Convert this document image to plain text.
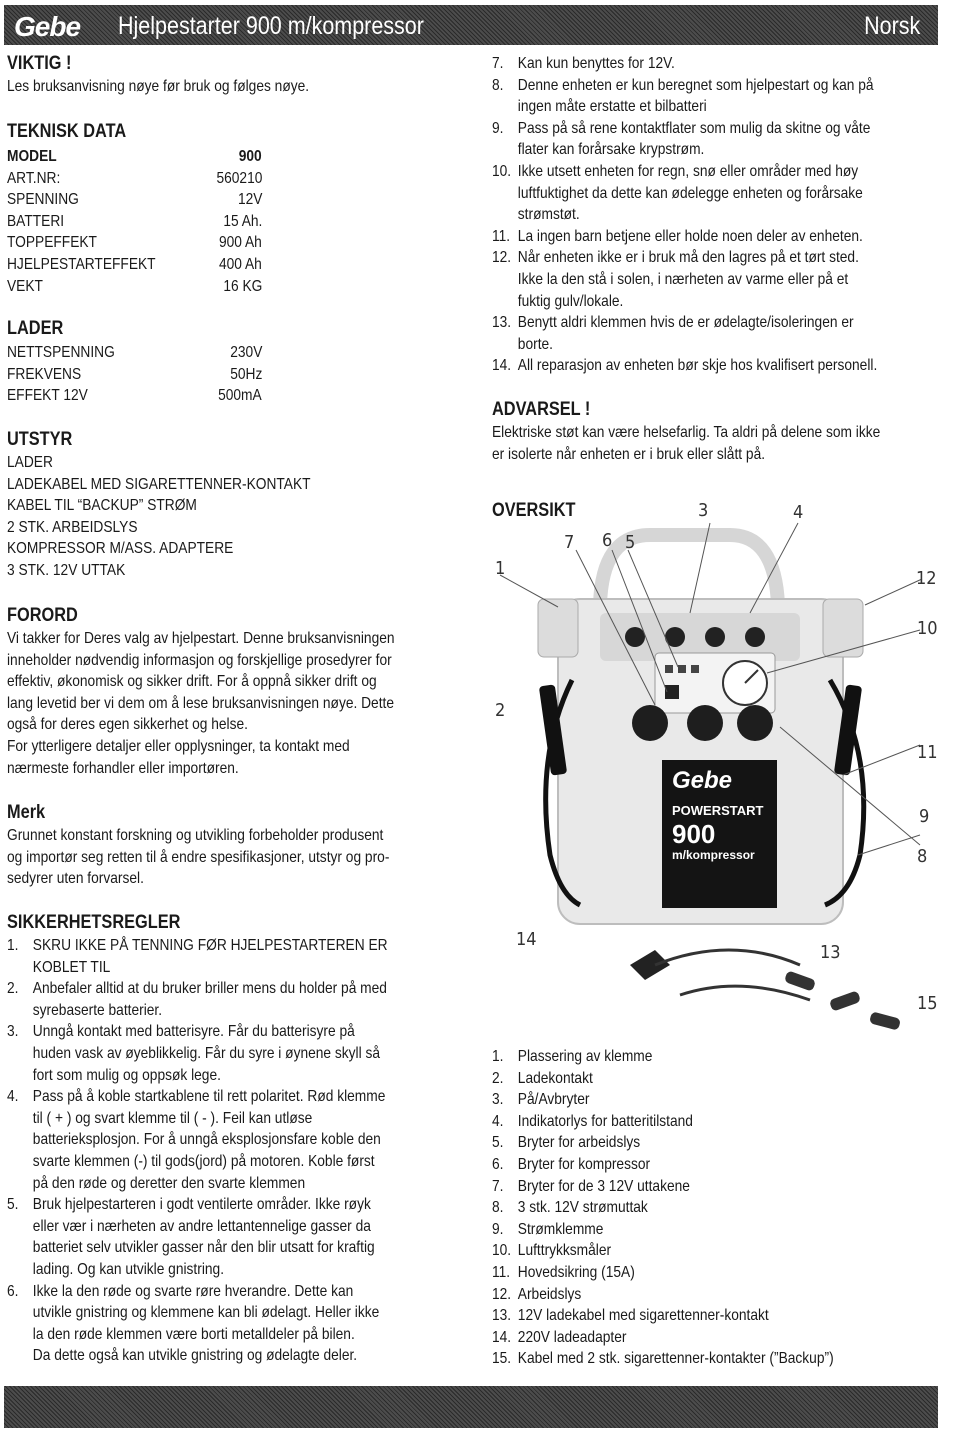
Gebe Hjelpestarter 900 m/kompressor	Norsk
VIKTIG !
Les bruksanvisning nøye før bruk og følges nøye.
TEKNISK DATA
MODEL	900
ART.NR:	560210
SPENNING	12V
BATTERI	15 Ah.
TOPPEFFEKT	900 Ah
HJELPESTARTEFFEKT	400 Ah
VEKT	16 KG
LADER
NETTSPENNING	230V
FREKVENS	50Hz
EFFEKT 12V	500mA
UTSTYR
LADER
LADEKABEL MED SIGARETTENNER-KONTAKT
KABEL TIL “BACKUP” STRØM
2 STK. ARBEIDSLYS
KOMPRESSOR M/ASS. ADAPTERE
3 STK. 12V UTTAK
FORORD
Vi takker for Deres valg av hjelpestart. Denne bruksanvisningen
inneholder nødvendig informasjon og forskjellige prosedyrer for
effektiv, økonomisk og sikker drift. For å oppnå sikker drift og
lang levetid ber vi dem om å lese bruksanvisningen nøye. Dette
også for deres egen sikkerhet og helse.
For ytterligere detaljer eller opplysninger, ta kontakt med
nærmeste forhandler eller importøren.
Merk
Grunnet konstant forskning og utvikling forbeholder produsent
og importør seg retten til å endre spesifikasjoner, utstyr og pro-
sedyrer uten forvarsel.
SIKKERHETSREGLER
1. SKRU IKKE PÅ TENNING FØR HJELPESTARTEREN ER
KOBLET TIL
2. Anbefaler alltid at du bruker briller mens du holder på med
syrebaserte batterier.
3. Unngå kontakt med batterisyre. Får du batterisyre på
huden vask av øyeblikkelig. Får du syre i øynene skyll så
fort som mulig og oppsøk lege.
4. Pass på å koble startkablene til rett polaritet. Rød klemme
til ( + ) og svart klemme til ( - ). Feil kan utløse
batterieksplosjon. For å unngå eksplosjonsfare koble den
svarte klemmen (-) til gods(jord) på motoren. Koble først
på den røde og deretter den svarte klemmen
5. Bruk hjelpestarteren i godt ventilerte områder. Ikke røyk
eller vær i nærheten av andre lettantennelige gasser da
batteriet selv utvikler gasser når den blir utsatt for kraftig
lading. Og kan utvikle gnistring.
6. Ikke la den røde og svarte røre hverandre. Dette kan
utvikle gnistring og klemmene kan bli ødelagt. Heller ikke
la den røde klemmen være borti metalldeler på bilen.
Da dette også kan utvikle gnistring og ødelagte deler.
7. Kan kun benyttes for 12V.
8. Denne enheten er kun beregnet som hjelpestart og kan på
ingen måte erstatte et bilbatteri
9. Pass på så rene kontaktflater som mulig da skitne og våte
flater kan forårsake krypstrøm.
10. Ikke utsett enheten for regn, snø eller områder med høy
luftfuktighet da dette kan ødelegge enheten og forårsake
strømstøt.
11. La ingen barn betjene eller holde noen deler av enheten.
12. Når enheten ikke er i bruk må den lagres på et tørt sted.
Ikke la den stå i solen, i nærheten av varme eller på et
fuktig gulv/lokale.
13. Benytt aldri klemmen hvis de er ødelagte/isoleringen er
borte.
14. All reparasjon av enheten bør skje hos kvalifisert personell.
ADVARSEL !
Elektriske støt kan være helsefarlig. Ta aldri på delene som ikke
er isolerte når enheten er i bruk eller slått på.
OVERSIKT
Gebe
POWERSTART
900
m/kompressor
1
2
3	4
5
6
7
8
9
10
11
12
13
14
15
1. Plassering av klemme
2. Ladekontakt
3. På/Avbryter
4. Indikatorlys for batteritilstand
5. Bryter for arbeidslys
6. Bryter for kompressor
7. Bryter for de 3 12V uttakene
8. 3 stk. 12V strømuttak
9. Strømklemme
10. Lufttrykksmåler
11. Hovedsikring (15A)
12. Arbeidslys
13. 12V ladekabel med sigarettenner-kontakt
14. 220V ladeadapter
15. Kabel med 2 stk. sigarettenner-kontakter (”Backup”)
